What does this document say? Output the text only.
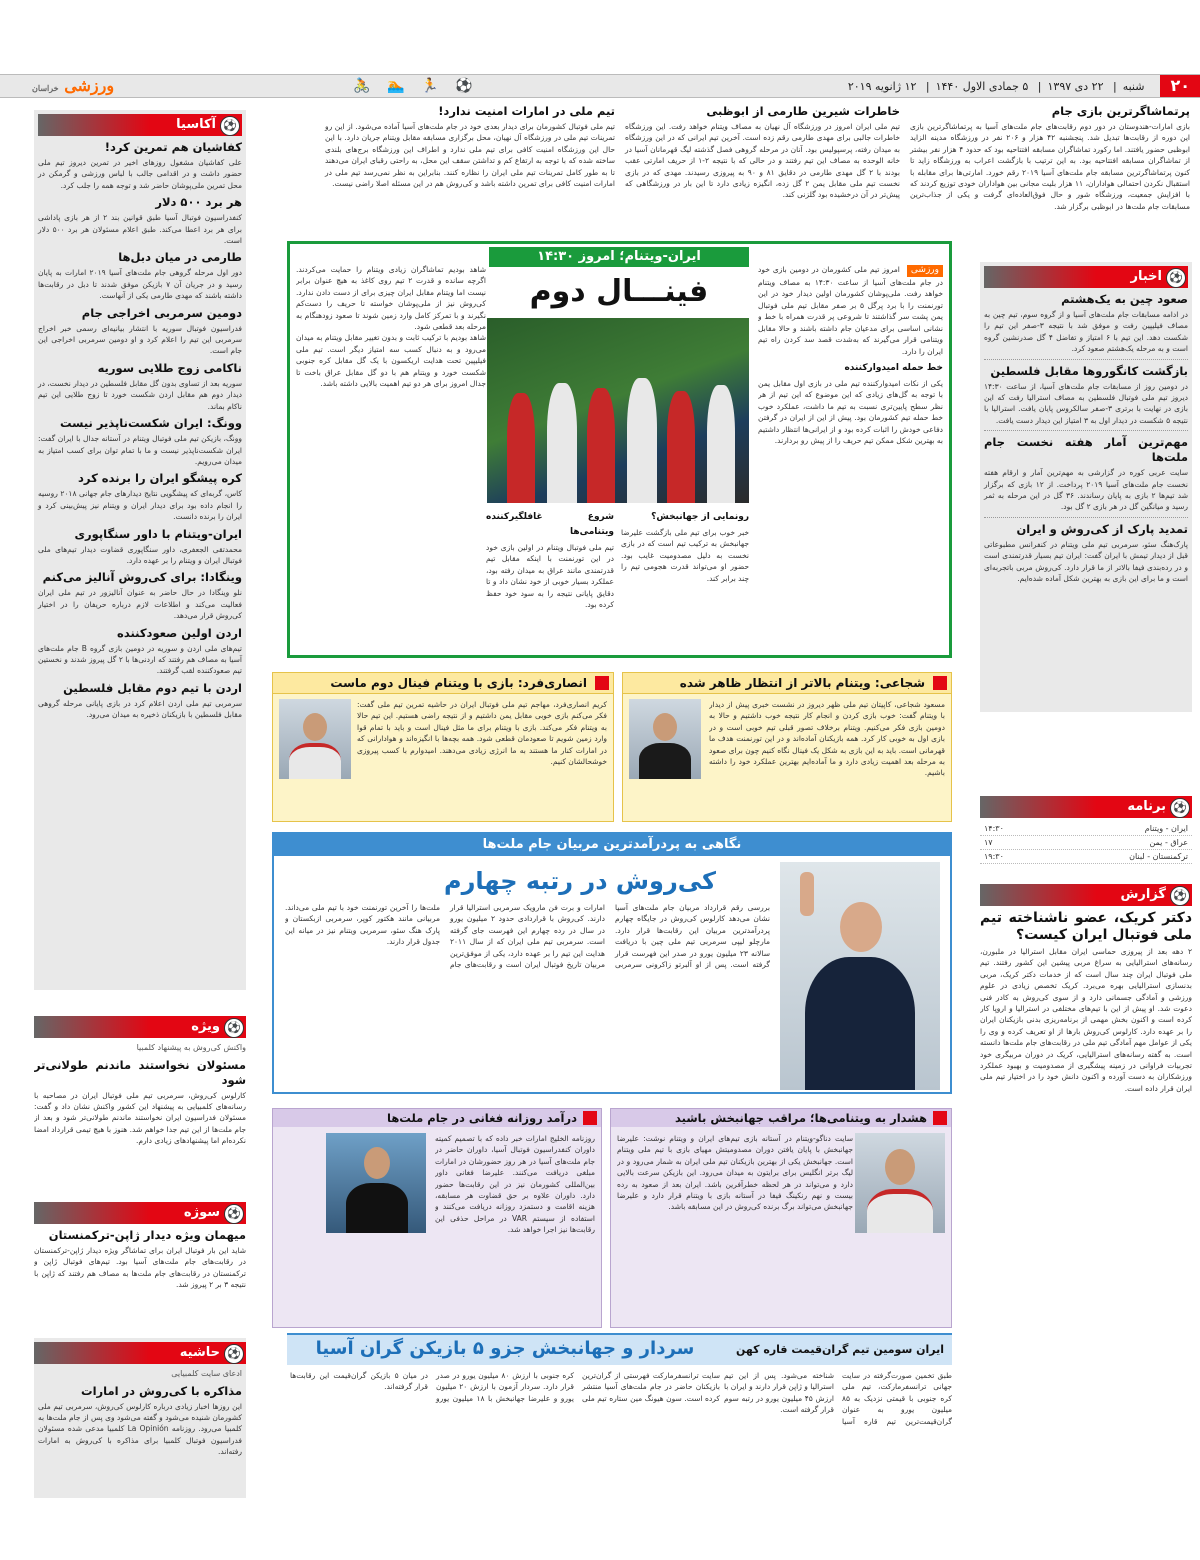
۲۰
شنبه| ۲۲ دی ۱۳۹۷| ۵ جمادی الاول ۱۴۴۰| ۱۲ ژانویه ۲۰۱۹
⚽ 🏃 🏊 🚴
ورزشی خراسان
پرتماشاگرترین بازی جام

بازی امارات-هندوستان در دور دوم رقابت‌های جام ملت‌های آسیا به پرتماشاگرترین بازی این دوره از رقابت‌ها تبدیل شد. پنجشنبه ۴۲ هزار و ۲۰۶ نفر در ورزشگاه مدینه الزاید ابوظبی حضور یافتند. اما رکورد تماشاگران مسابقه افتتاحیه بود که حدود ۴ هزار نفر بیشتر از تماشاگران مسابقه افتتاحیه بود. به این ترتیب با بازگشت اعراب به ورزشگاه زاید تا کنون پرتماشاگرترین مسابقه جام ملت‌های آسیا ۲۰۱۹ رقم خورد. امارتی‌ها برای مقابله با استقبال نکردن احتمالی هواداران، ۱۱ هزار بلیت مجانی بین هواداران خودی توزیع کردند که با افزایش جمعیت، ورزشگاه شور و حال فوق‌العاده‌ای گرفت و یکی از جذاب‌ترین مسابقات جام ملت‌ها در ابوظبی برگزار شد.

خاطرات شیرین طارمی از ابوظبی

تیم ملی ایران امروز در ورزشگاه آل نهیان به مصاف ویتنام خواهد رفت. این ورزشگاه خاطرات جالبی برای مهدی طارمی رقم زده است. آخرین تیم ایرانی که در این ورزشگاه به میدان رفته، پرسپولیس بود. آنان در مرحله گروهی فصل گذشته لیگ قهرمانان آسیا در خانه الوحده به مصاف این تیم رفتند و در حالی که با نتیجه ۲-۱ از حریف امارتی عقب بودند با ۲ گل مهدی طارمی در دقایق ۸۱ و ۹۰ به پیروزی رسیدند. مهدی که در بازی نخست تیم ملی مقابل یمن ۲ گل زده، انگیزه زیادی دارد تا این بار در ورزشگاهی که پیش‌تر در آن درخشیده بود گلزنی کند.

تیم ملی در امارات امنیت ندارد!

تیم ملی فوتبال کشورمان برای دیدار بعدی خود در جام ملت‌های آسیا آماده می‌شود. از این رو تمرینات تیم ملی در ورزشگاه آل نهیان، محل برگزاری مسابقه مقابل ویتنام جریان دارد. با این حال این ورزشگاه امنیت کافی برای تیم ملی ندارد و اطراف این ورزشگاه برج‌های بلندی ساخته شده که با توجه به ارتفاع کم و تداشتن سقف این محل، به راحتی رقبای ایران می‌دهند تا به طور کامل تمرینات تیم ملی ایران را نظاره کنند. بنابراین به نظر نمی‌رسد تیم ملی در امارات امنیت کافی برای تمرین داشته باشد و کی‌روش هم در این مسئله اصلا راضی نیست.

⚽
اخبار
صعود چین به یک‌هشتم

در ادامه مسابقات جام ملت‌های آسیا و از گروه سوم، تیم چین به مصاف فیلیپین رفت و موفق شد با نتیجه ۳-صفر این تیم را شکست دهد. این تیم با ۶ امتیاز و تفاضل ۴ گل صدرنشین گروه است و به مرحله یک‌هشتم صعود کرد.

بازگشت کانگوروها مقابل فلسطین

در دومین روز از مسابقات جام ملت‌های آسیا، از ساعت ۱۴:۳۰ دیروز تیم ملی فوتبال فلسطین به مصاف استرالیا رفت که این بازی در نهایت با برتری ۳-صفر سالکروس پایان یافت. استرالیا با نتیجه ۵ شکست در دیدار اول به ۳ امتیاز این دیدار دست یافت.

مهم‌ترین آمار هفته نخست جام ملت‌ها

سایت عربی کوره در گزارشی به مهم‌ترین آمار و ارقام هفته نخست جام ملت‌های آسیا ۲۰۱۹ پرداخت. از ۱۲ بازی که برگزار شد تیم‌ها ۲ بازی به پایان رساندند. ۳۶ گل در این مرحله به ثمر رسید و میانگین گل در هر بازی ۲ گل بود.

تمدید پارک از کی‌روش و ایران

پارک‌هنگ سئو، سرمربی تیم ملی ویتنام در کنفرانس مطبوعاتی قبل از دیدار تیمش با ایران گفت: ایران تیم بسیار قدرتمندی است و در رده‌بندی فیفا بالاتر از ما قرار دارد. کی‌روش مربی باتجربه‌ای است و ما برای این بازی به بهترین شکل آماده شده‌ایم.

⚽
برنامه
ایران - ویتنام
۱۴:۳۰
عراق - یمن
۱۷
ترکمنستان - لبنان
۱۹:۳۰
⚽
گزارش
دکتر کریک، عضو ناشناخته تیم ملی فوتبال ایران کیست؟

۲ دهه بعد از پیروزی حماسی ایران مقابل استرالیا در ملبورن، رسانه‌های استرالیایی به سراغ مربی پیشین این کشور رفتند. تیم ملی فوتبال ایران چند سال است که از خدمات دکتر کریک، مربی بدنسازی استرالیایی بهره می‌برد. کریک تخصص زیادی در علوم ورزشی و آمادگی جسمانی دارد و از سوی کی‌روش به کادر فنی دعوت شد. او پیش از این با تیم‌های مختلفی در استرالیا و اروپا کار کرده است و اکنون بخش مهمی از برنامه‌ریزی بدنی بازیکنان ایران را بر عهده دارد. کارلوس کی‌روش بارها از او تعریف کرده و وی را یکی از عوامل مهم آمادگی تیم ملی در رقابت‌های جام ملت‌ها دانسته است. به گفته رسانه‌های استرالیایی، کریک در دوران مربیگری خود تجربیات فراوانی در زمینه پیشگیری از مصدومیت و بهبود عملکرد ورزشکاران به دست آورده و اکنون دانش خود را در اختیار تیم ملی ایران قرار داده است.

ایران-ویتنام؛ امروز ۱۴:۳۰
فینـــال دوم
ورزشی

امروز تیم ملی کشورمان در دومین بازی خود در جام ملت‌های آسیا از ساعت ۱۴:۳۰ به مصاف ویتنام خواهد رفت. ملی‌پوشان کشورمان اولین دیدار خود در این تورنمنت را با برد پرگل ۵ بر صفر مقابل تیم ملی فوتبال یمن پشت سر گذاشتند تا شروعی پر قدرت همراه با خط و نشانی اساسی برای مدعیان جام داشته باشند و حالا مقابل ویتنامی قرار می‌گیرند که به‌شدت قصد سد کردن راه تیم ایران را دارد.

خط حمله امیدوارکننده

یکی از نکات امیدوارکننده تیم ملی در بازی اول مقابل یمن با توجه به گل‌های زیادی که این موضوع که این تیم از هر نظر سطح پایین‌تری نسبت به تیم ما داشت، عملکرد خوب خط حمله تیم کشورمان بود. پیش از این از ایران در گرفتن دفاعی خودش را اثبات کرده بود و از ایرانی‌ها انتظار داشتیم به بهترین شکل ممکن تیم حریف را از پیش رو بردارند.

شاهد بودیم تماشاگران زیادی ویتنام را حمایت می‌کردند. اگرچه سانده و قدرت ۲ تیم روی کاغذ به هیچ عنوان برابر نیست اما ویتنام مقابل ایران چیزی برای از دست دادن ندارد. کی‌روش نیز از ملی‌پوشان خواسته تا حریف را دست‌کم نگیرند و با تمرکز کامل وارد زمین شوند تا صعود زودهنگام به مرحله بعد قطعی شود.

شاهد بودیم با ترکیب ثابت و بدون تغییر مقابل ویتنام به میدان می‌رود و به دنبال کسب سه امتیاز دیگر است. تیم ملی فیلیپین تحت هدایت اریکسون با یک گل مقابل کره جنوبی شکست خورد و ویتنام هم با دو گل مقابل عراق باخت تا جدال امروز برای هر دو تیم اهمیت بالایی داشته باشد.

رونمایی از جهانبخش؟

خبر خوب برای تیم ملی بازگشت علیرضا جهانبخش به ترکیب تیم است که در بازی نخست به دلیل مصدومیت غایب بود. حضور او می‌تواند قدرت هجومی تیم را چند برابر کند.

شروع غافلگیرکننده ویتنامی‌ها

تیم ملی فوتبال ویتنام در اولین بازی خود در این تورنمنت با اینکه مقابل تیم قدرتمندی مانند عراق به میدان رفته بود، عملکرد بسیار خوبی از خود نشان داد و تا دقایق پایانی نتیجه را به سود خود حفظ کرده بود.

شجاعی: ویتنام بالاتر از انتظار ظاهر شده

مسعود شجاعی، کاپیتان تیم ملی ظهر دیروز در نشست خبری پیش از دیدار با ویتنام گفت: خوب بازی کردن و انجام کار نتیجه خوب داشتیم و حالا به دومین بازی فکر می‌کنیم. ویتنام برخلاف تصور قبلی تیم خوبی است و در بازی اول به خوبی کار کرد. همه بازیکنان آماده‌اند و در این تورنمنت هدف ما قهرمانی است. باید به این بازی به شکل یک فینال نگاه کنیم چون برای صعود به مرحله بعد اهمیت زیادی دارد و ما آماده‌ایم بهترین عملکرد خود را داشته باشیم.

انصاری‌فرد: بازی با ویتنام فینال دوم ماست

کریم انصاری‌فرد، مهاجم تیم ملی فوتبال ایران در حاشیه تمرین تیم ملی گفت: فکر می‌کنم بازی خوبی مقابل یمن داشتیم و از نتیجه راضی هستیم. این تیم حالا به ویتنام فکر می‌کند. بازی با ویتنام برای ما مثل فینال است و باید با تمام قوا وارد زمین شویم تا صعودمان قطعی شود. همه بچه‌ها با انگیزه‌اند و هوادارانی که در امارات کنار ما هستند به ما انرژی زیادی می‌دهند. امیدوارم با کسب پیروزی خوشحالشان کنیم.

نگاهی به پردرآمدترین مربیان جام ملت‌ها
کی‌روش در رتبه چهارم

بررسی رقم قرارداد مربیان جام ملت‌های آسیا نشان می‌دهد کارلوس کی‌روش در جایگاه چهارم پردرآمدترین مربیان این رقابت‌ها قرار دارد. مارچلو لیپی سرمربی تیم ملی چین با دریافت سالانه ۲۳ میلیون یورو در صدر این فهرست قرار گرفته است. پس از او آلبرتو زاکرونی سرمربی امارات و برت فن مارویک سرمربی استرالیا قرار دارند. کی‌روش با قراردادی حدود ۲ میلیون یورو در سال در رده چهارم این فهرست جای گرفته است. سرمربی تیم ملی ایران که از سال ۲۰۱۱ هدایت این تیم را بر عهده دارد، یکی از موفق‌ترین مربیان تاریخ فوتبال ایران است و رقابت‌های جام ملت‌ها را آخرین تورنمنت خود با تیم ملی می‌داند. مربیانی مانند هکتور کوپر، سرمربی ازبکستان و پارک هنگ سئو، سرمربی ویتنام نیز در میانه این جدول قرار دارند.

هشدار به ویتنامی‌ها؛ مراقب جهانبخش باشید

سایت دناگو-ویتنام در آستانه بازی تیم‌های ایران و ویتنام نوشت: علیرضا جهانبخش با پایان یافتن دوران مصدومیتش مهیای بازی با تیم ملی ویتنام است. جهانبخش یکی از بهترین بازیکنان تیم ملی ایران به شمار می‌رود و در لیگ برتر انگلیس برای برایتون به میدان می‌رود. این بازیکن سرعت بالایی دارد و می‌تواند در هر لحظه خطرآفرین باشد. ایران بعد از صعود به رده بیست و نهم رنکینگ فیفا در آستانه بازی با ویتنام قرار دارد و علیرضا جهانبخش می‌تواند برگ برنده کی‌روش در این مسابقه باشد.

درآمد روزانه فغانی در جام ملت‌ها

روزنامه الخلیج امارات خبر داده که با تصمیم کمیته داوران کنفدراسیون فوتبال آسیا، داوران حاضر در جام ملت‌های آسیا در هر روز حضورشان در امارات مبلغی دریافت می‌کنند. علیرضا فغانی داور بین‌المللی کشورمان نیز در این رقابت‌ها حضور دارد. داوران علاوه بر حق قضاوت هر مسابقه، هزینه اقامت و دستمزد روزانه دریافت می‌کنند و استفاده از سیستم VAR در مراحل حذفی این رقابت‌ها نیز اجرا خواهد شد.

ایران سومین تیم گران‌قیمت قاره کهن
سردار و جهانبخش جزو ۵ بازیکن گران آسیا

طبق تخمین صورت‌گرفته در سایت جهانی ترانسفرمارکت، تیم ملی کره جنوبی با قیمتی نزدیک به ۸۵ میلیون یورو به عنوان گران‌قیمت‌ترین تیم قاره آسیا شناخته می‌شود. پس از این تیم استرالیا و ژاپن قرار دارند و ایران با ارزش ۴۵ میلیون یورو در رتبه سوم قرار گرفته است.

سایت ترانسفرمارکت فهرستی از گران‌ترین بازیکنان حاضر در جام ملت‌های آسیا منتشر کرده است. سون هیونگ مین ستاره تیم ملی کره جنوبی با ارزش ۸۰ میلیون یورو در صدر قرار دارد. سردار آزمون با ارزش ۲۰ میلیون یورو و علیرضا جهانبخش با ۱۸ میلیون یورو در میان ۵ بازیکن گران‌قیمت این رقابت‌ها قرار گرفته‌اند.

⚽
آکاسیا
کفاشیان هم تمرین کرد!

علی کفاشیان مشغول روزهای اخیر در تمرین دیروز تیم ملی حضور داشت و در اقدامی جالب با لباس ورزشی و گرمکن در محل تمرین ملی‌پوشان حاضر شد و توجه همه را جلب کرد.

هر برد ۵۰۰ دلار

کنفدراسیون فوتبال آسیا طبق قوانین بند ۲ از هر بازی پاداشی برای هر برد اعطا می‌کند. طبق اعلام مسئولان هر برد ۵۰۰ دلار است.

طارمی در میان دبل‌ها

دور اول مرحله گروهی جام ملت‌های آسیا ۲۰۱۹ امارات به پایان رسید و در جریان آن ۷ بازیکن موفق شدند تا دبل در رقابت‌ها داشته باشند که مهدی طارمی یکی از آنهاست.

دومین سرمربی اخراجی جام

فدراسیون فوتبال سوریه با انتشار بیانیه‌ای رسمی خبر اخراج سرمربی این تیم را اعلام کرد و او دومین سرمربی اخراجی این جام است.

ناکامی زوج طلایی سوریه

سوریه بعد از تساوی بدون گل مقابل فلسطین در دیدار نخست، در دیدار دوم هم مقابل اردن شکست خورد تا زوج طلایی این تیم ناکام بماند.

وونگ: ایران شکست‌ناپذیر نیست

وونگ، بازیکن تیم ملی فوتبال ویتنام در آستانه جدال با ایران گفت: ایران شکست‌ناپذیر نیست و ما با تمام توان برای کسب امتیاز به میدان می‌رویم.

کره پیشگو ایران را برنده کرد

کاس، گربه‌ای که پیشگویی نتایج دیدارهای جام جهانی ۲۰۱۸ روسیه را انجام داده بود برای دیدار ایران و ویتنام نیز پیش‌بینی کرد و ایران را برنده دانست.

ایران-ویتنام با داور سنگاپوری

محمدتقی الجعفری، داور سنگاپوری قضاوت دیدار تیم‌های ملی فوتبال ایران و ویتنام را بر عهده دارد.

وینگادا: برای کی‌روش آنالیز می‌کنم

نلو وینگادا در حال حاضر به عنوان آنالیزور در تیم ملی ایران فعالیت می‌کند و اطلاعات لازم درباره حریفان را در اختیار کی‌روش قرار می‌دهد.

اردن اولین صعودکننده

تیم‌های ملی اردن و سوریه در دومین بازی گروه B جام ملت‌های آسیا به مصاف هم رفتند که اردنی‌ها با ۲ گل پیروز شدند و نخستین تیم صعودکننده لقب گرفتند.

اردن با تیم دوم مقابل فلسطین

سرمربی تیم ملی اردن اعلام کرد در بازی پایانی مرحله گروهی مقابل فلسطین با بازیکنان ذخیره به میدان می‌رود.

⚽
ویژه
واکنش کی‌روش به پیشنهاد کلمبیا
مسئولان نخواستند ماندنم طولانی‌تر شود

کارلوس کی‌روش، سرمربی تیم ملی فوتبال ایران در مصاحبه با رسانه‌های کلمبیایی به پیشنهاد این کشور واکنش نشان داد و گفت: مسئولان فدراسیون ایران نخواستند ماندنم طولانی‌تر شود و بعد از جام ملت‌ها از این تیم جدا خواهم شد. هنوز با هیچ تیمی قرارداد امضا نکرده‌ام اما پیشنهادهای زیادی دارم.

⚽
سوژه
میهمان ویژه دیدار ژاپن-ترکمنستان

شاید این بار فوتبال ایران برای تماشاگر ویژه دیدار ژاپن-ترکمنستان در رقابت‌های جام ملت‌های آسیا بود. تیم‌های فوتبال ژاپن و ترکمنستان در رقابت‌های جام ملت‌ها به مصاف هم رفتند که ژاپن با نتیجه ۳ بر ۲ پیروز شد.

⚽
حاشیه
ادعای سایت کلمبیایی
مذاکره با کی‌روش در امارات

این روزها اخبار زیادی درباره کارلوس کی‌روش، سرمربی تیم ملی کشورمان شنیده می‌شود و گفته می‌شود وی پس از جام ملت‌ها به کلمبیا می‌رود. روزنامه La Opinión کلمبیا مدعی شده مسئولان فدراسیون فوتبال کلمبیا برای مذاکره با کی‌روش به امارات رفته‌اند.
